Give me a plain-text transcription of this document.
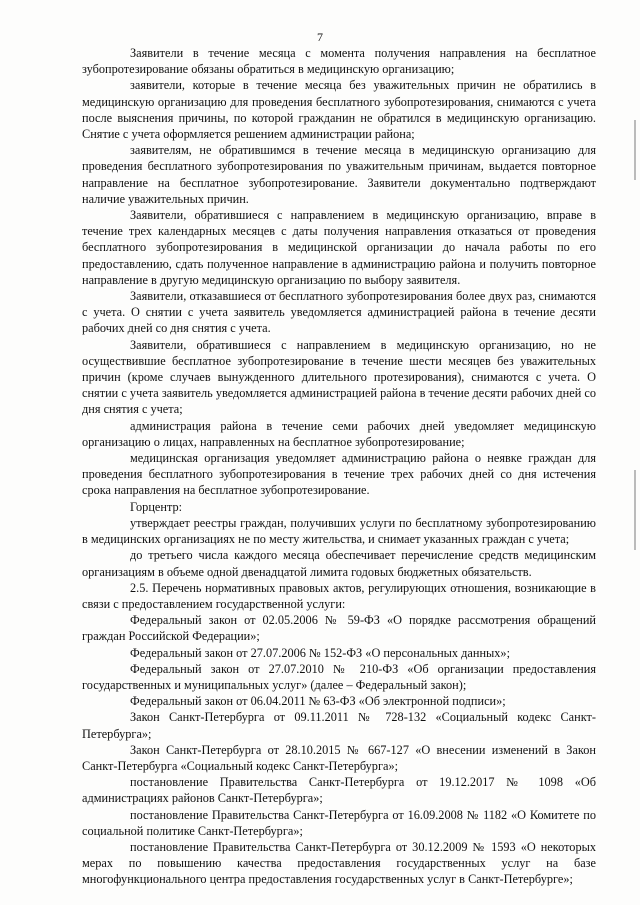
7

Заявители в течение месяца с момента получения направления на бесплатное зубопротезирование обязаны обратиться в медицинскую организацию;

заявители, которые в течение месяца без уважительных причин не обратились в медицинскую организацию для проведения бесплатного зубопротезирования, снимаются с учета после выяснения причины, по которой гражданин не обратился в медицинскую организацию. Снятие с учета оформляется решением администрации района;

заявителям, не обратившимся в течение месяца в медицинскую организацию для проведения бесплатного зубопротезирования по уважительным причинам, выдается повторное направление на бесплатное зубопротезирование. Заявители документально подтверждают наличие уважительных причин.

Заявители, обратившиеся с направлением в медицинскую организацию, вправе в течение трех календарных месяцев с даты получения направления отказаться от проведения бесплатного зубопротезирования в медицинской организации до начала работы по его предоставлению, сдать полученное направление в администрацию района и получить повторное направление в другую медицинскую организацию по выбору заявителя.

Заявители, отказавшиеся от бесплатного зубопротезирования более двух раз, снимаются с учета. О снятии с учета заявитель уведомляется администрацией района в течение десяти рабочих дней со дня снятия с учета.

Заявители, обратившиеся с направлением в медицинскую организацию, но не осуществившие бесплатное зубопротезирование в течение шести месяцев без уважительных причин (кроме случаев вынужденного длительного протезирования), снимаются с учета. О снятии с учета заявитель уведомляется администрацией района в течение десяти рабочих дней со дня снятия с учета;

администрация района в течение семи рабочих дней уведомляет медицинскую организацию о лицах, направленных на бесплатное зубопротезирование;

медицинская организация уведомляет администрацию района о неявке граждан для проведения бесплатного зубопротезирования в течение трех рабочих дней со дня истечения срока направления на бесплатное зубопротезирование.

Горцентр:

утверждает реестры граждан, получивших услуги по бесплатному зубопротезированию в медицинских организациях не по месту жительства, и снимает указанных граждан с учета;

до третьего числа каждого месяца обеспечивает перечисление средств медицинским организациям в объеме одной двенадцатой лимита годовых бюджетных обязательств.

2.5. Перечень нормативных правовых актов, регулирующих отношения, возникающие в связи с предоставлением государственной услуги:

Федеральный закон от 02.05.2006 № 59-ФЗ «О порядке рассмотрения обращений граждан Российской Федерации»;

Федеральный закон от 27.07.2006 № 152-ФЗ «О персональных данных»;

Федеральный закон от 27.07.2010 № 210-ФЗ «Об организации предоставления государственных и муниципальных услуг» (далее – Федеральный закон);

Федеральный закон от 06.04.2011 № 63-ФЗ «Об электронной подписи»;

Закон Санкт-Петербурга от 09.11.2011 № 728-132 «Социальный кодекс Санкт-Петербурга»;

Закон Санкт-Петербурга от 28.10.2015 № 667-127 «О внесении изменений в Закон Санкт-Петербурга «Социальный кодекс Санкт-Петербурга»;

постановление Правительства Санкт-Петербурга от 19.12.2017 № 1098 «Об администрациях районов Санкт-Петербурга»;

постановление Правительства Санкт-Петербурга от 16.09.2008 № 1182 «О Комитете по социальной политике Санкт-Петербурга»;

постановление Правительства Санкт-Петербурга от 30.12.2009 № 1593 «О некоторых мерах по повышению качества предоставления государственных услуг на базе многофункционального центра предоставления государственных услуг в Санкт-Петербурге»;
